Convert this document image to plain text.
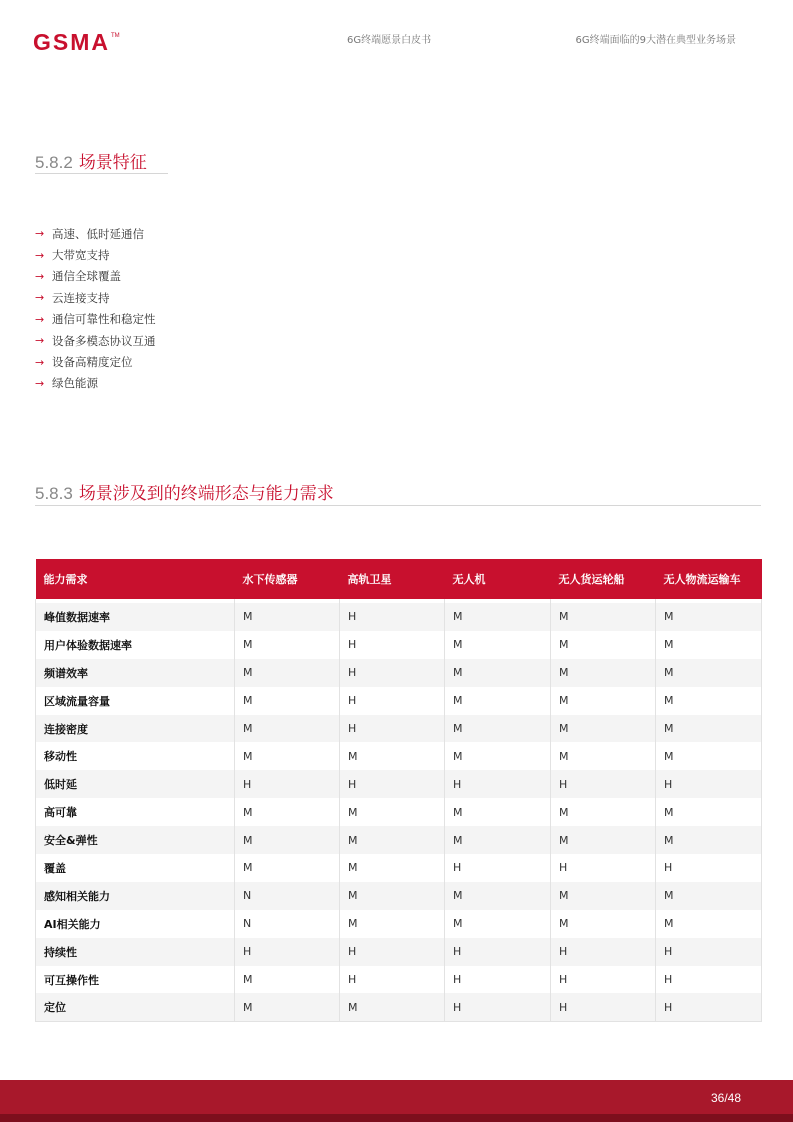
GSMA TM	6G终端愿景白皮书	6G终端面临的9大潜在典型业务场景
5.8.2 场景特征
→ 高速、低时延通信
→ 大带宽支持
→ 通信全球覆盖
→ 云连接支持
→ 通信可靠性和稳定性
→ 设备多模态协议互通
→ 设备高精度定位
→ 绿色能源
5.8.3 场景涉及到的终端形态与能力需求
能力需求	水下传感器	高轨卫星	无人机	无人货运轮船	无人物流运输车

峰值数据速率	M	H	M	M	M
用户体验数据速率	M	H	M	M	M
频谱效率	M	H	M	M	M
区域流量容量	M	H	M	M	M
连接密度	M	H	M	M	M
移动性	M	M	M	M	M
低时延	H	H	H	H	H
高可靠	M	M	M	M	M
安全&弹性	M	M	M	M	M
覆盖	M	M	H	H	H
感知相关能力	N	M	M	M	M
AI相关能力	N	M	M	M	M
持续性	H	H	H	H	H
可互操作性	M	H	H	H	H
定位	M	M	H	H	H
36/48
